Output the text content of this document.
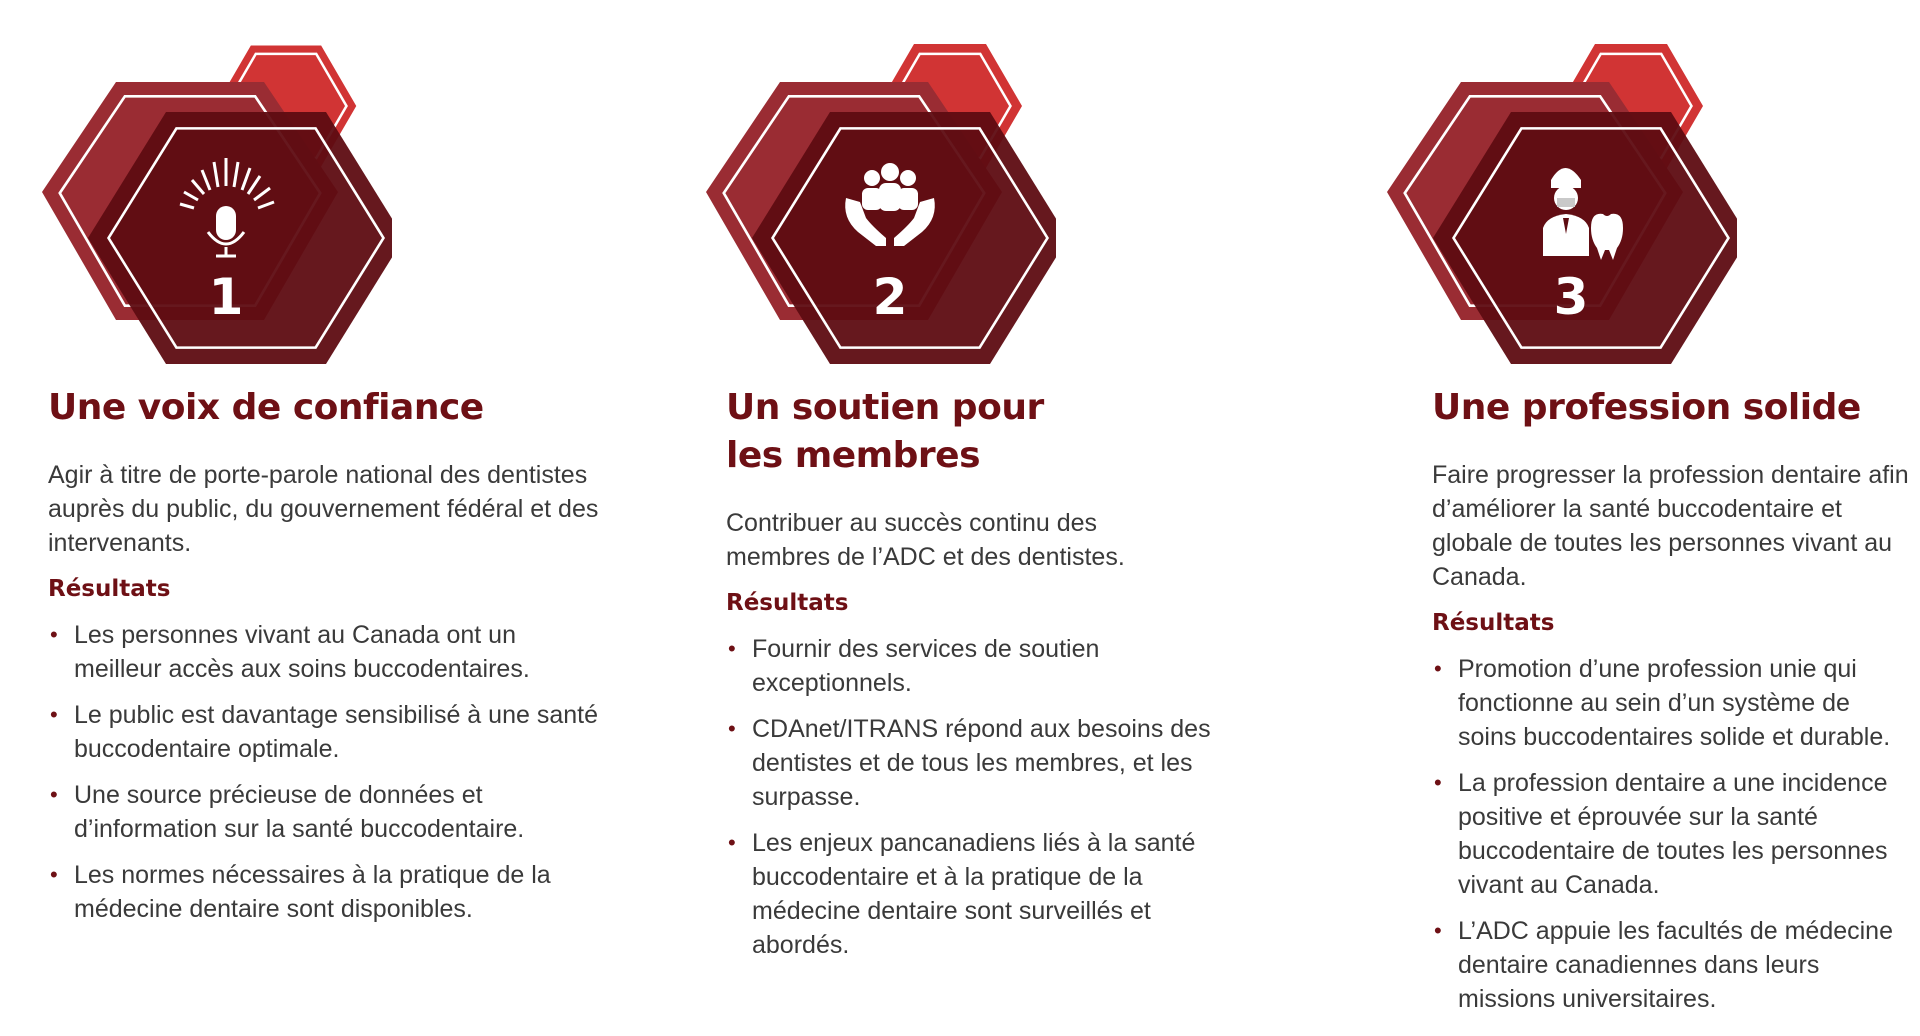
1
Une voix de confiance

Agir à titre de porte-parole national des dentistes auprès du public, du gouvernement fédéral et des intervenants.

Résultats
• Les personnes vivant au Canada ont un meilleur accès aux soins buccodentaires.
• Le public est davantage sensibilisé à une santé buccodentaire optimale.
• Une source précieuse de données et d’information sur la santé buccodentaire.
• Les normes nécessaires à la pratique de la médecine dentaire sont disponibles.
2
Un soutien pour les membres

Contribuer au succès continu des membres de l’ADC et des dentistes.

Résultats
• Fournir des services de soutien exceptionnels.
• CDAnet/ITRANS répond aux besoins des dentistes et de tous les membres, et les surpasse.
• Les enjeux pancanadiens liés à la santé buccodentaire et à la pratique de la médecine dentaire sont surveillés et abordés.
3
Une profession solide

Faire progresser la profession dentaire afin d’améliorer la santé buccodentaire et globale de toutes les personnes vivant au Canada.

Résultats
• Promotion d’une profession unie qui fonctionne au sein d’un système de soins buccodentaires solide et durable.
• La profession dentaire a une incidence positive et éprouvée sur la santé buccodentaire de toutes les personnes vivant au Canada.
• L’ADC appuie les facultés de médecine dentaire canadiennes dans leurs missions universitaires.
